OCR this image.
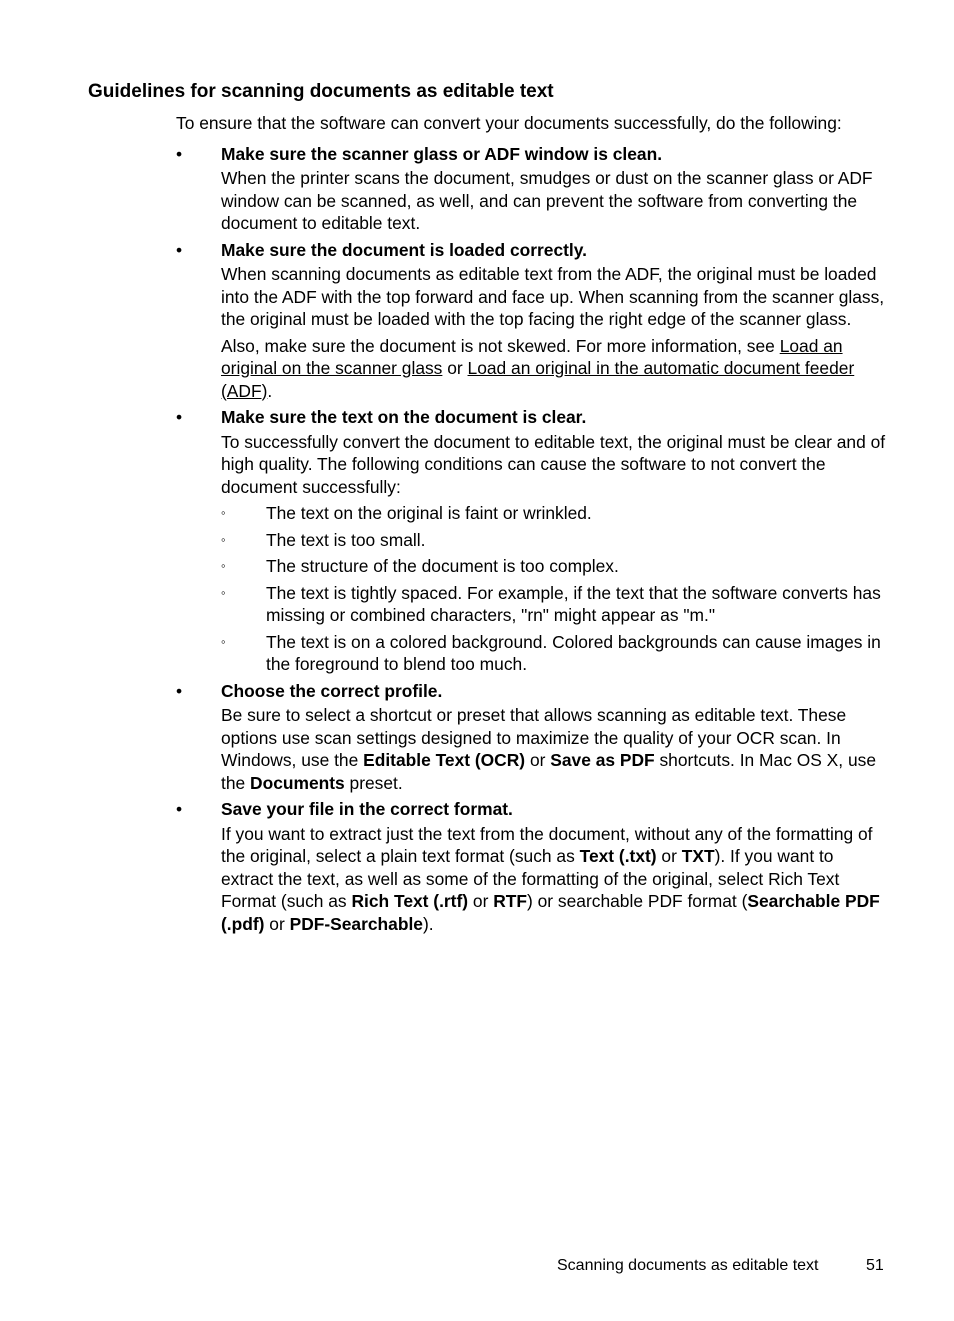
Guidelines for scanning documents as editable text

To ensure that the software can convert your documents successfully, do the following:

• Make sure the scanner glass or ADF window is clean.

When the printer scans the document, smudges or dust on the scanner glass or ADF window can be scanned, as well, and can prevent the software from converting the document to editable text.

• Make sure the document is loaded correctly.

When scanning documents as editable text from the ADF, the original must be loaded into the ADF with the top forward and face up. When scanning from the scanner glass, the original must be loaded with the top facing the right edge of the scanner glass.

Also, make sure the document is not skewed. For more information, see Load an original on the scanner glass or Load an original in the automatic document feeder (ADF).

• Make sure the text on the document is clear.

To successfully convert the document to editable text, the original must be clear and of high quality. The following conditions can cause the software to not convert the document successfully:

◦ The text on the original is faint or wrinkled.
◦ The text is too small.
◦ The structure of the document is too complex.
◦ The text is tightly spaced. For example, if the text that the software converts has missing or combined characters, "rn" might appear as "m."
◦ The text is on a colored background. Colored backgrounds can cause images in the foreground to blend too much.
• Choose the correct profile.

Be sure to select a shortcut or preset that allows scanning as editable text. These options use scan settings designed to maximize the quality of your OCR scan. In Windows, use the Editable Text (OCR) or Save as PDF shortcuts. In Mac OS X, use the Documents preset.

• Save your file in the correct format.

If you want to extract just the text from the document, without any of the formatting of the original, select a plain text format (such as Text (.txt) or TXT). If you want to extract the text, as well as some of the formatting of the original, select Rich Text Format (such as Rich Text (.rtf) or RTF) or searchable PDF format (Searchable PDF (.pdf) or PDF-Searchable).

Scanning documents as editable text	51
